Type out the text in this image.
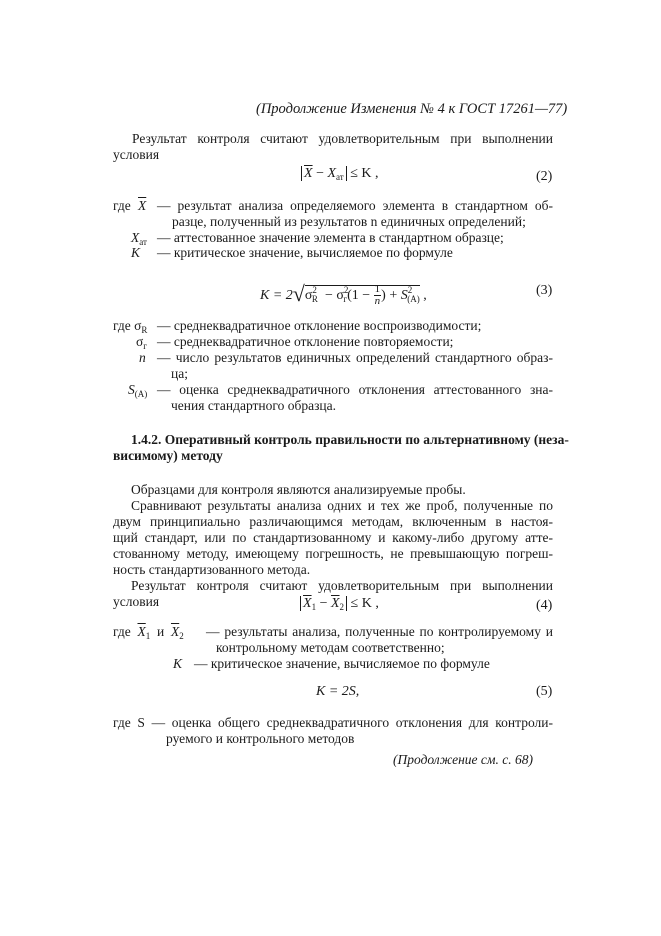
(Продолжение Изменения № 4 к ГОСТ 17261—77)
Результат контроля считают удовлетворительным при выполнении
условия
$\overline{X} - X_{ат} \le K$ ,	(2)
где $\overline{X}$ — результат анализа определяемого элемента в стандартном об-
разце, полученный из результатов n единичных определений;
$X_{ат}$ — аттестованное значение элемента в стандартном образце;
K — критическое значение, вычисляемое по формуле
$K = 2√\sigma^2_R - \sigma^2_г(1 - \frac{1}{n}$ ) + $S^2_{(A)}$ ,	(3)
где $\sigma_R$ — среднеквадратичное отклонение воспроизводимости;
$\sigma_г$ — среднеквадратичное отклонение повторяемости;
n — число результатов единичных определений стандартного образ-
ца;
$S_{(A)}$ — оценка среднеквадратичного отклонения аттестованного зна-
чения стандартного образца.
1.4.2. Оперативный контроль правильности по альтернативному (неза-
висимому) методу
Образцами для контроля являются анализируемые пробы.
Сравнивают результаты анализа одних и тех же проб, полученные по
двум принципиально различающимся методам, включенным в настоя-
щий стандарт, или по стандартизованному и какому-либо другому атте-
стованному методу, имеющему погрешность, не превышающую погреш-
ность стандартизованного метода.
Результат контроля считают удовлетворительным при выполнении
условия	$\overline{X}_1 - \overline{X}_2 \le K$ ,	(4)
где $\overline{X}_1$ и $\overline{X}_2$ — результаты анализа, полученные по контролируемому и
контрольному методам соответственно;
K — критическое значение, вычисляемое по формуле
K = 2S,	(5)
где S — оценка общего среднеквадратичного отклонения для контроли-
руемого и контрольного методов
(Продолжение см. с. 68)
